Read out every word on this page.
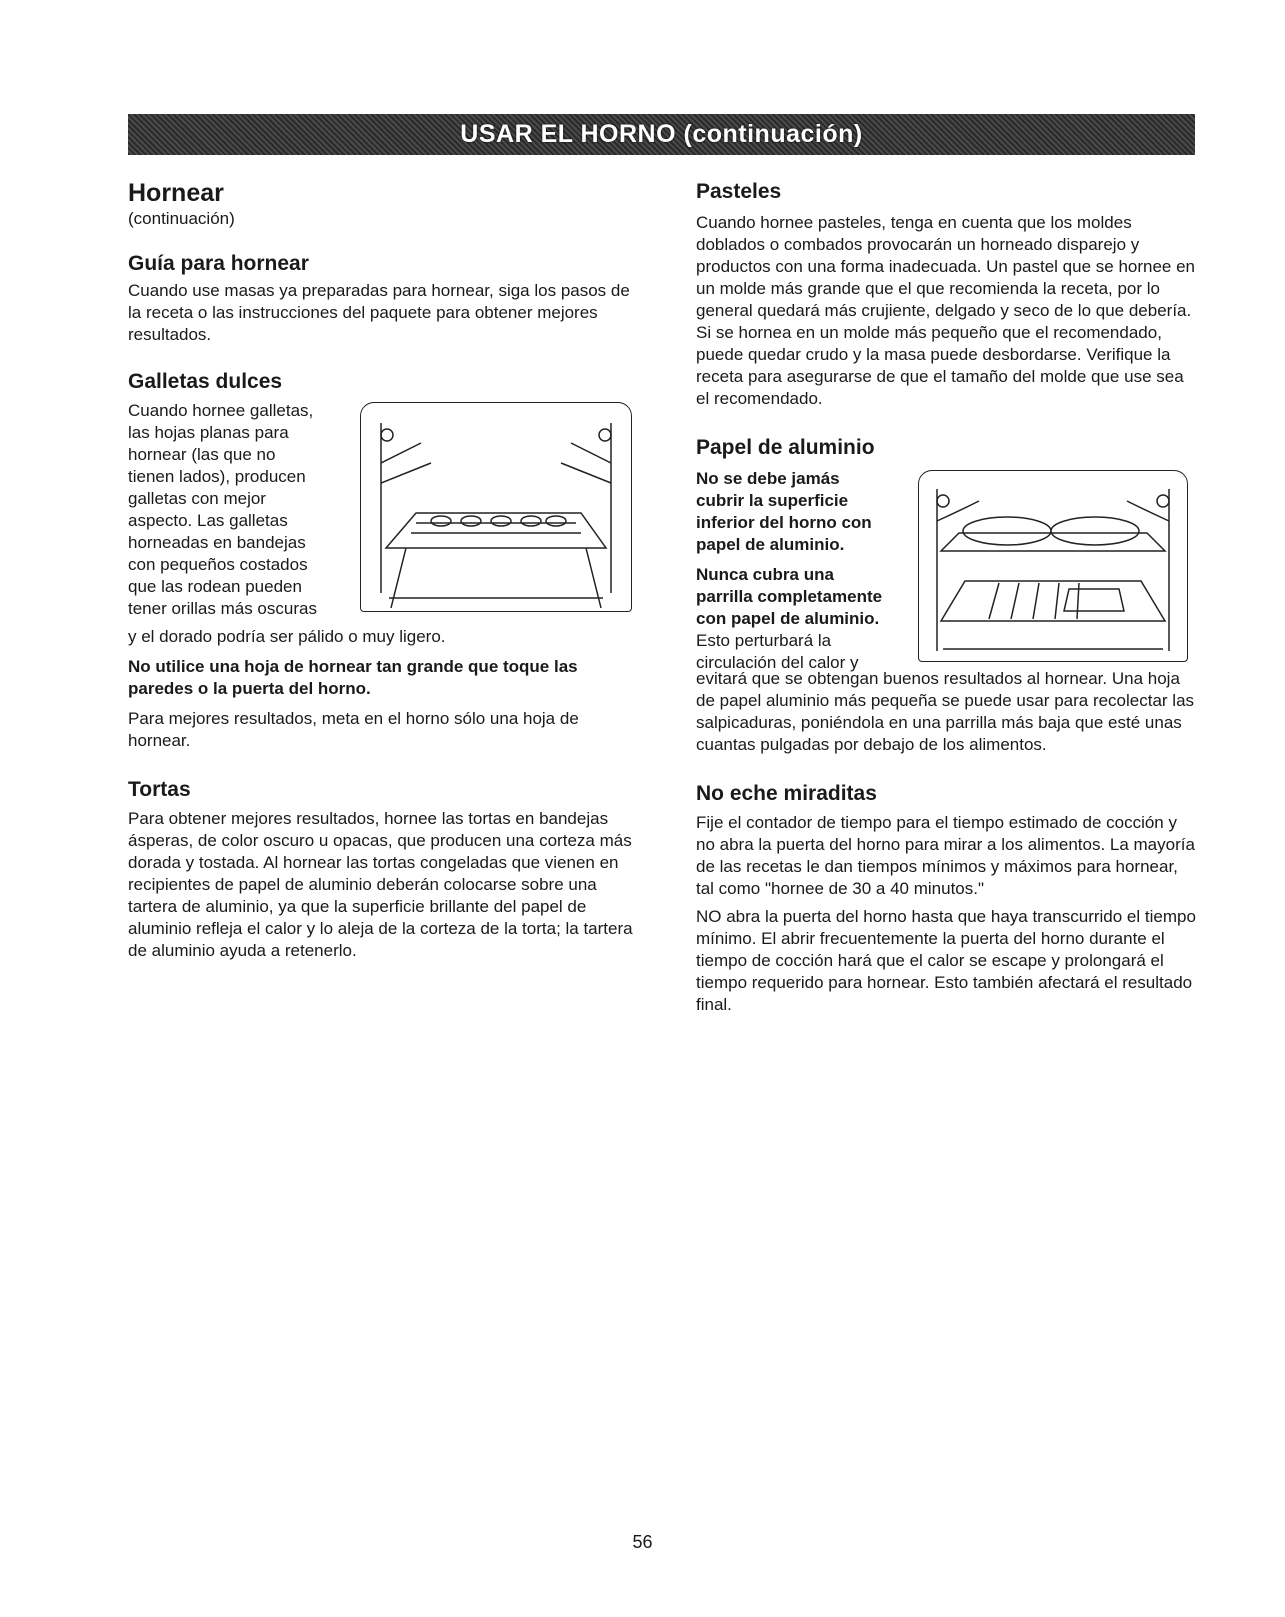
USAR EL HORNO (continuación)
Hornear

(continuación)

Guía para hornear

Cuando use masas ya preparadas para hornear, siga los pasos de la receta o las instrucciones del paquete para obtener mejores resultados.

Galletas dulces

Cuando hornee galletas,

las hojas planas para

hornear (las que no

tienen lados), producen

galletas con mejor

aspecto. Las galletas

horneadas en bandejas

con pequeños costados

que las rodean pueden

tener orillas más oscuras

y el dorado podría ser pálido o muy ligero.

No utilice una hoja de hornear tan grande que toque las paredes o la puerta del horno.

Para mejores resultados, meta en el horno sólo una hoja de hornear.

Tortas

Para obtener mejores resultados, hornee las tortas en bandejas ásperas, de color oscuro u opacas, que producen una corteza más dorada y tostada. Al hornear las tortas congeladas que vienen en recipientes de papel de aluminio deberán colocarse sobre una tartera de aluminio, ya que la superficie brillante del papel de aluminio refleja el calor y lo aleja de la corteza de la torta; la tartera de aluminio ayuda a retenerlo.

Pasteles

Cuando hornee pasteles, tenga en cuenta que los moldes doblados o combados provocarán un horneado disparejo y productos con una forma inadecuada. Un pastel que se hornee en un molde más grande que el que recomienda la receta, por lo general quedará más crujiente, delgado y seco de lo que debería. Si se hornea en un molde más pequeño que el recomendado, puede quedar crudo y la masa puede desbordarse. Verifique la receta para asegurarse de que el tamaño del molde que use sea el recomendado.

Papel de aluminio

No se debe jamás

cubrir la superficie

inferior del horno con

papel de aluminio.

Nunca cubra una

parrilla completamente

con papel de aluminio.

Esto perturbará la

circulación del calor y

evitará que se obtengan buenos resultados al hornear. Una hoja de papel aluminio más pequeña se puede usar para recolectar las salpicaduras, poniéndola en una parrilla más baja que esté unas cuantas pulgadas por debajo de los alimentos.

No eche miraditas

Fije el contador de tiempo para el tiempo estimado de cocción y no abra la puerta del horno para mirar a los alimentos. La mayoría de las recetas le dan tiempos mínimos y máximos para hornear, tal como "hornee de 30 a 40 minutos."

NO abra la puerta del horno hasta que haya transcurrido el tiempo mínimo. El abrir frecuentemente la puerta del horno durante el tiempo de cocción hará que el calor se escape y prolongará el tiempo requerido para hornear. Esto también afectará el resultado final.

56
